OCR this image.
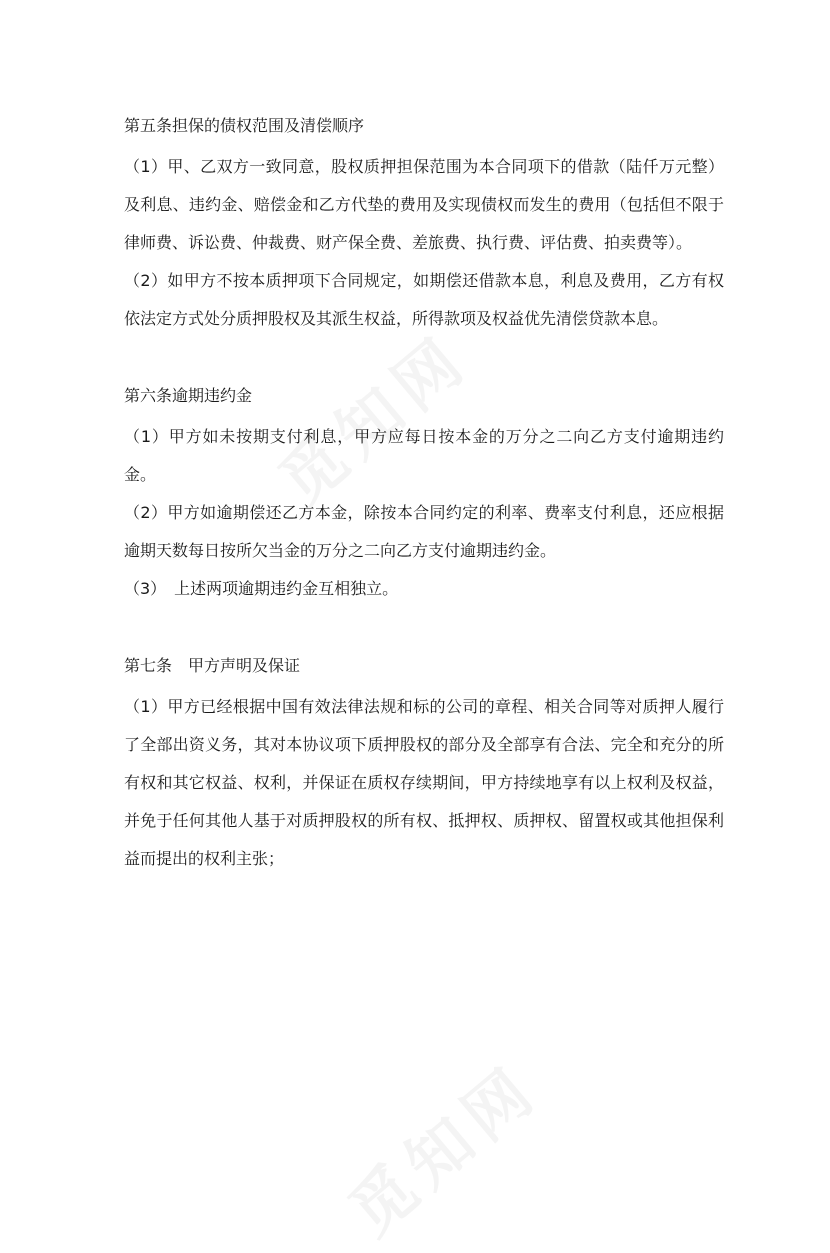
第五条担保的债权范围及清偿顺序

（1）甲、乙双方一致同意，股权质押担保范围为本合同项下的借款（陆仟万元整）及利息、违约金、赔偿金和乙方代垫的费用及实现债权而发生的费用（包括但不限于律师费、诉讼费、仲裁费、财产保全费、差旅费、执行费、评估费、拍卖费等）。

（2）如甲方不按本质押项下合同规定，如期偿还借款本息，利息及费用，乙方有权依法定方式处分质押股权及其派生权益，所得款项及权益优先清偿贷款本息。

第六条逾期违约金

（1）甲方如未按期支付利息，甲方应每日按本金的万分之二向乙方支付逾期违约金。

（2）甲方如逾期偿还乙方本金，除按本合同约定的利率、费率支付利息，还应根据逾期天数每日按所欠当金的万分之二向乙方支付逾期违约金。

（3）　上述两项逾期违约金互相独立。

第七条　甲方声明及保证

（1）甲方已经根据中国有效法律法规和标的公司的章程、相关合同等对质押人履行了全部出资义务，其对本协议项下质押股权的部分及全部享有合法、完全和充分的所有权和其它权益、权利，并保证在质权存续期间，甲方持续地享有以上权利及权益，并免于任何其他人基于对质押股权的所有权、抵押权、质押权、留置权或其他担保利益而提出的权利主张；
